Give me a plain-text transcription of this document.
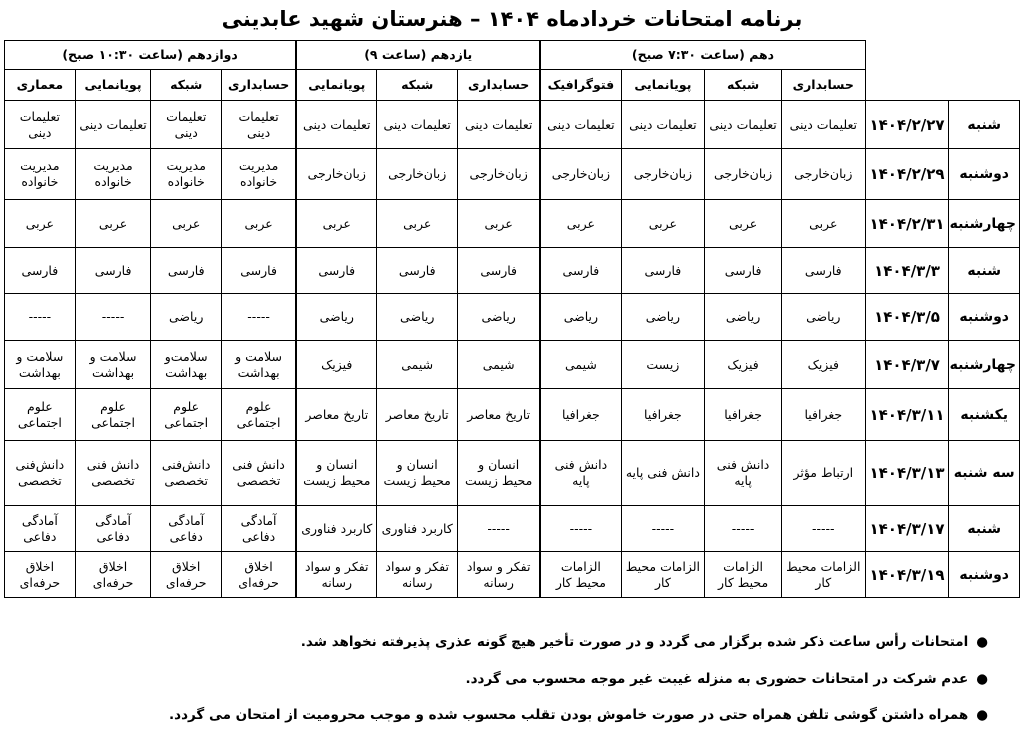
برنامه امتحانات خردادماه ۱۴۰۴ – هنرستان شهید عابدینی
		دهم (ساعت ۷:۳۰ صبح)				یازدهم (ساعت ۹)			دوازدهم (ساعت ۱۰:۳۰ صبح)			
		حسابداری	شبکه	پویانمایی	فتوگرافیک	حسابداری	شبکه	پویانمایی	حسابداری	شبکه	پویانمایی	معماری
شنبه	۱۴۰۴/۲/۲۷	تعلیمات دینی	تعلیمات دینی	تعلیمات دینی	تعلیمات دینی	تعلیمات دینی	تعلیمات دینی	تعلیمات دینی	تعلیمات دینی	تعلیمات دینی	تعلیمات دینی	تعلیمات دینی
دوشنبه	۱۴۰۴/۲/۲۹	زبان‌خارجی	زبان‌خارجی	زبان‌خارجی	زبان‌خارجی	زبان‌خارجی	زبان‌خارجی	زبان‌خارجی	مدیریت خانواده	مدیریت خانواده	مدیریت خانواده	مدیریت خانواده
چهارشنبه	۱۴۰۴/۲/۳۱	عربی	عربی	عربی	عربی	عربی	عربی	عربی	عربی	عربی	عربی	عربی
شنبه	۱۴۰۴/۳/۳	فارسی	فارسی	فارسی	فارسی	فارسی	فارسی	فارسی	فارسی	فارسی	فارسی	فارسی
دوشنبه	۱۴۰۴/۳/۵	ریاضی	ریاضی	ریاضی	ریاضی	ریاضی	ریاضی	ریاضی	-----	ریاضی	-----	-----
چهارشنبه	۱۴۰۴/۳/۷	فیزیک	فیزیک	زیست	شیمی	شیمی	شیمی	فیزیک	سلامت و بهداشت	سلامت‌و بهداشت	سلامت و بهداشت	سلامت و بهداشت
یکشنبه	۱۴۰۴/۳/۱۱	جغرافیا	جغرافیا	جغرافیا	جغرافیا	تاریخ معاصر	تاریخ معاصر	تاریخ معاصر	علوم اجتماعی	علوم اجتماعی	علوم اجتماعی	علوم اجتماعی
سه شنبه	۱۴۰۴/۳/۱۳	ارتباط مؤثر	دانش فنی پایه	دانش فنی پایه	دانش فنی پایه	انسان و محیط زیست	انسان و محیط زیست	انسان و محیط زیست	دانش فنی تخصصی	دانش‌فنی تخصصی	دانش فنی تخصصی	دانش‌فنی تخصصی
شنبه	۱۴۰۴/۳/۱۷	-----	-----	-----	-----	-----	کاربرد فناوری	کاربرد فناوری	آمادگی دفاعی	آمادگی دفاعی	آمادگی دفاعی	آمادگی دفاعی
دوشنبه	۱۴۰۴/۳/۱۹	الزامات محیط کار	الزامات محیط کار	الزامات محیط کار	الزامات محیط کار	تفکر و سواد رسانه	تفکر و سواد رسانه	تفکر و سواد رسانه	اخلاق حرفه‌ای	اخلاق حرفه‌ای	اخلاق حرفه‌ای	اخلاق حرفه‌ای
●امتحانات رأس ساعت ذکر شده برگزار می گردد و در صورت تأخیر هیچ گونه عذری پذیرفته نخواهد شد.
●عدم شرکت در امتحانات حضوری به منزله غیبت غیر موجه محسوب می گردد.
●همراه داشتن گوشی تلفن همراه حتی در صورت خاموش بودن تقلب محسوب شده و موجب محرومیت از امتحان می گردد.
